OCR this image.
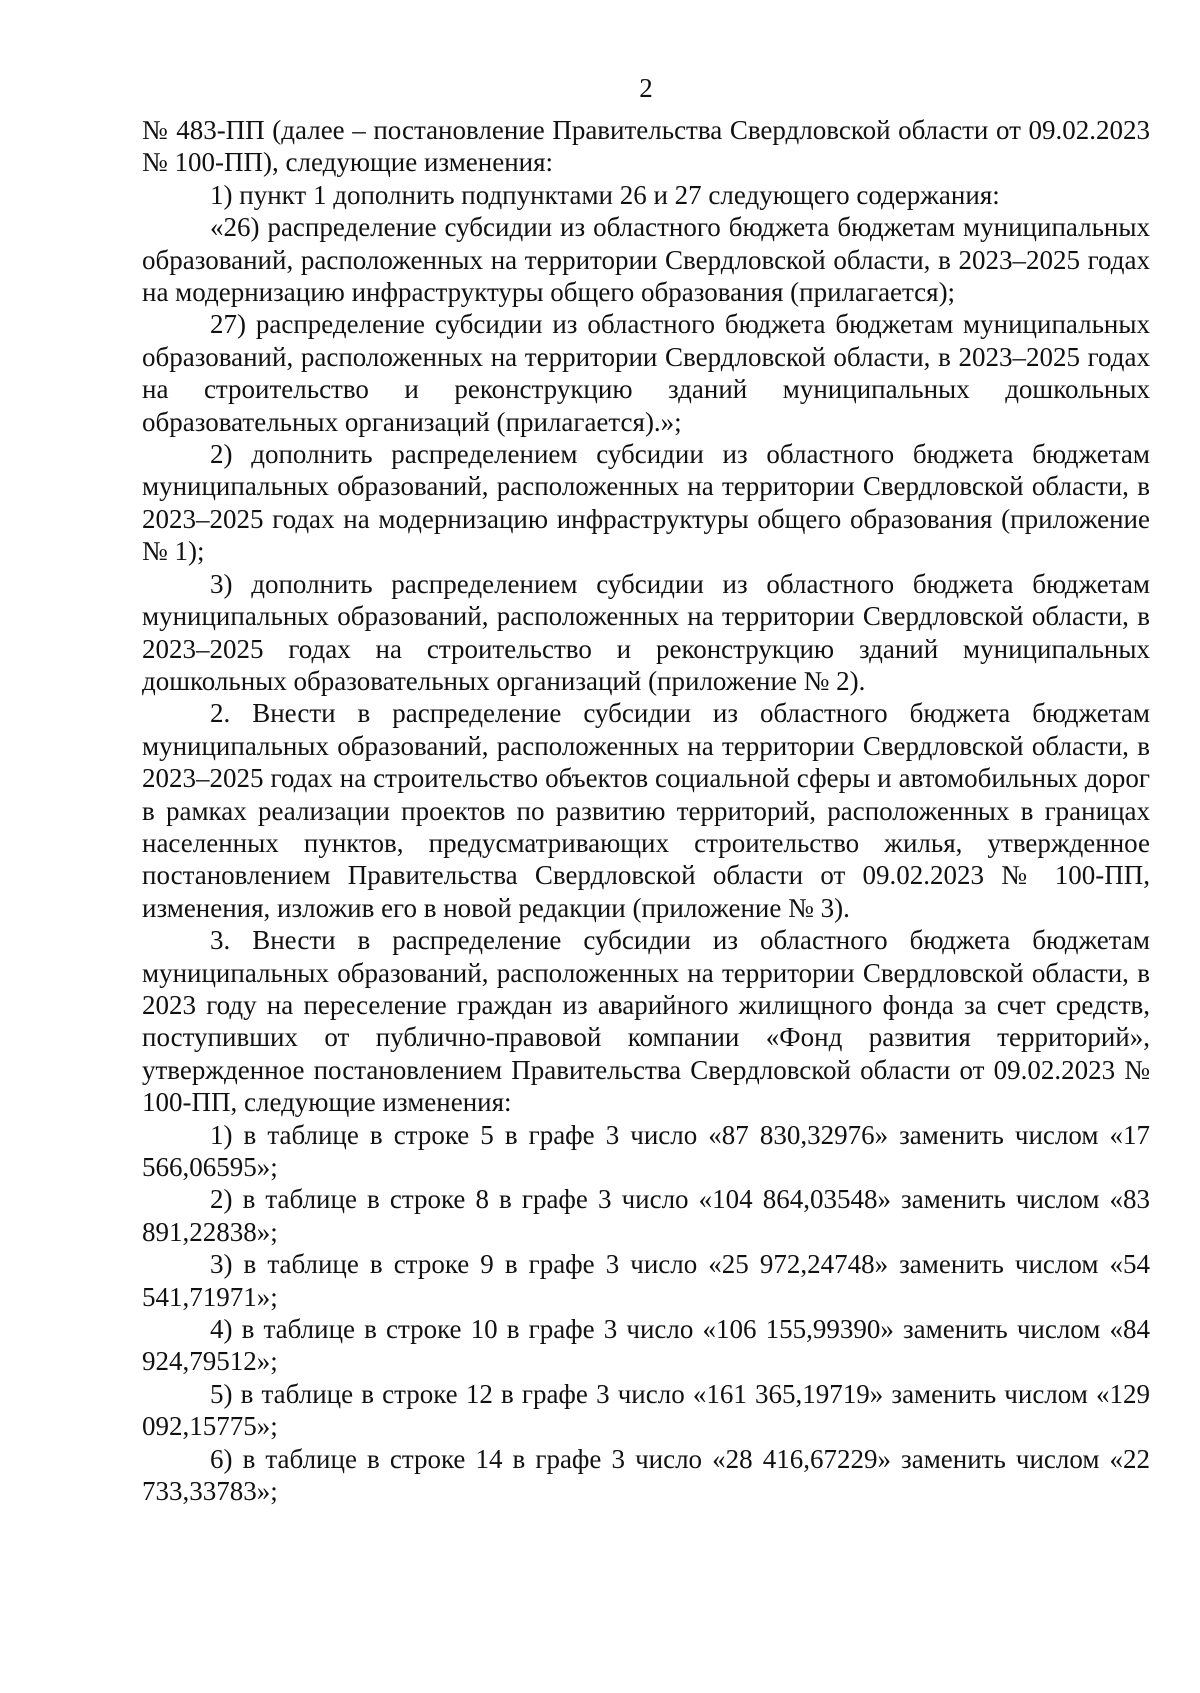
2

№ 483-ПП (далее – постановление Правительства Свердловской области от 09.02.2023 № 100-ПП), следующие изменения:

1) пункт 1 дополнить подпунктами 26 и 27 следующего содержания:

«26) распределение субсидии из областного бюджета бюджетам муниципальных образований, расположенных на территории Свердловской области, в 2023–2025 годах на модернизацию инфраструктуры общего образования (прилагается);

27) распределение субсидии из областного бюджета бюджетам муниципальных образований, расположенных на территории Свердловской области, в 2023–2025 годах на строительство и реконструкцию зданий муниципальных дошкольных образовательных организаций (прилагается).»;

2) дополнить распределением субсидии из областного бюджета бюджетам муниципальных образований, расположенных на территории Свердловской области, в 2023–2025 годах на модернизацию инфраструктуры общего образования (приложение № 1);

3) дополнить распределением субсидии из областного бюджета бюджетам муниципальных образований, расположенных на территории Свердловской области, в 2023–2025 годах на строительство и реконструкцию зданий муниципальных дошкольных образовательных организаций (приложение № 2).

2. Внести в распределение субсидии из областного бюджета бюджетам муниципальных образований, расположенных на территории Свердловской области, в 2023–2025 годах на строительство объектов социальной сферы и автомобильных дорог в рамках реализации проектов по развитию территорий, расположенных в границах населенных пунктов, предусматривающих строительство жилья, утвержденное постановлением Правительства Свердловской области от 09.02.2023 № 100-ПП, изменения, изложив его в новой редакции (приложение № 3).

3. Внести в распределение субсидии из областного бюджета бюджетам муниципальных образований, расположенных на территории Свердловской области, в 2023 году на переселение граждан из аварийного жилищного фонда за счет средств, поступивших от публично-правовой компании «Фонд развития территорий», утвержденное постановлением Правительства Свердловской области от 09.02.2023 № 100-ПП, следующие изменения:

1) в таблице в строке 5 в графе 3 число «87 830,32976» заменить числом «17 566,06595»;

2) в таблице в строке 8 в графе 3 число «104 864,03548» заменить числом «83 891,22838»;

3) в таблице в строке 9 в графе 3 число «25 972,24748» заменить числом «54 541,71971»;

4) в таблице в строке 10 в графе 3 число «106 155,99390» заменить числом «84 924,79512»;

5) в таблице в строке 12 в графе 3 число «161 365,19719» заменить числом «129 092,15775»;

6) в таблице в строке 14 в графе 3 число «28 416,67229» заменить числом «22 733,33783»;
